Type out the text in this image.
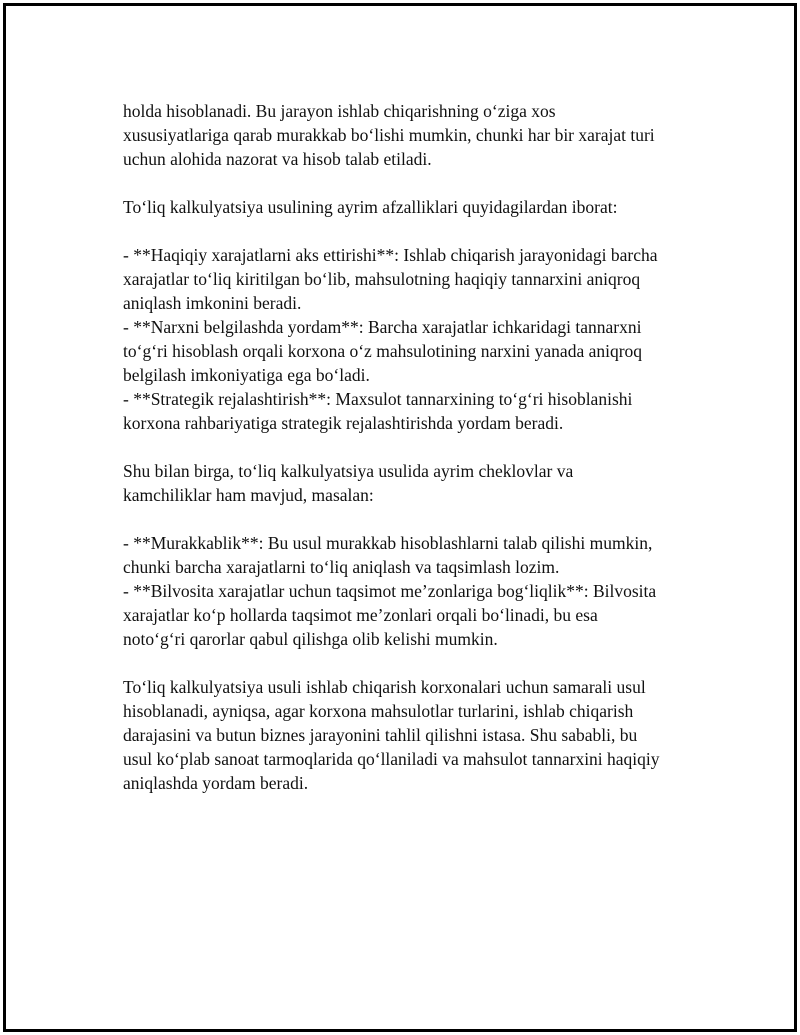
holda hisoblanadi. Bu jarayon ishlab chiqarishning o‘ziga xos
xususiyatlariga qarab murakkab bo‘lishi mumkin, chunki har bir xarajat turi
uchun alohida nazorat va hisob talab etiladi.
To‘liq kalkulyatsiya usulining ayrim afzalliklari quyidagilardan iborat:
- **Haqiqiy xarajatlarni aks ettirishi**: Ishlab chiqarish jarayonidagi barcha
xarajatlar to‘liq kiritilgan bo‘lib, mahsulotning haqiqiy tannarxini aniqroq
aniqlash imkonini beradi.
- **Narxni belgilashda yordam**: Barcha xarajatlar ichkaridagi tannarxni
to‘g‘ri hisoblash orqali korxona o‘z mahsulotining narxini yanada aniqroq
belgilash imkoniyatiga ega bo‘ladi.
- **Strategik rejalashtirish**: Maxsulot tannarxining to‘g‘ri hisoblanishi
korxona rahbariyatiga strategik rejalashtirishda yordam beradi.
Shu bilan birga, to‘liq kalkulyatsiya usulida ayrim cheklovlar va
kamchiliklar ham mavjud, masalan:
- **Murakkablik**: Bu usul murakkab hisoblashlarni talab qilishi mumkin,
chunki barcha xarajatlarni to‘liq aniqlash va taqsimlash lozim.
- **Bilvosita xarajatlar uchun taqsimot me’zonlariga bog‘liqlik**: Bilvosita
xarajatlar ko‘p hollarda taqsimot me’zonlari orqali bo‘linadi, bu esa
noto‘g‘ri qarorlar qabul qilishga olib kelishi mumkin.
To‘liq kalkulyatsiya usuli ishlab chiqarish korxonalari uchun samarali usul
hisoblanadi, ayniqsa, agar korxona mahsulotlar turlarini, ishlab chiqarish
darajasini va butun biznes jarayonini tahlil qilishni istasa. Shu sababli, bu
usul ko‘plab sanoat tarmoqlarida qo‘llaniladi va mahsulot tannarxini haqiqiy
aniqlashda yordam beradi.
